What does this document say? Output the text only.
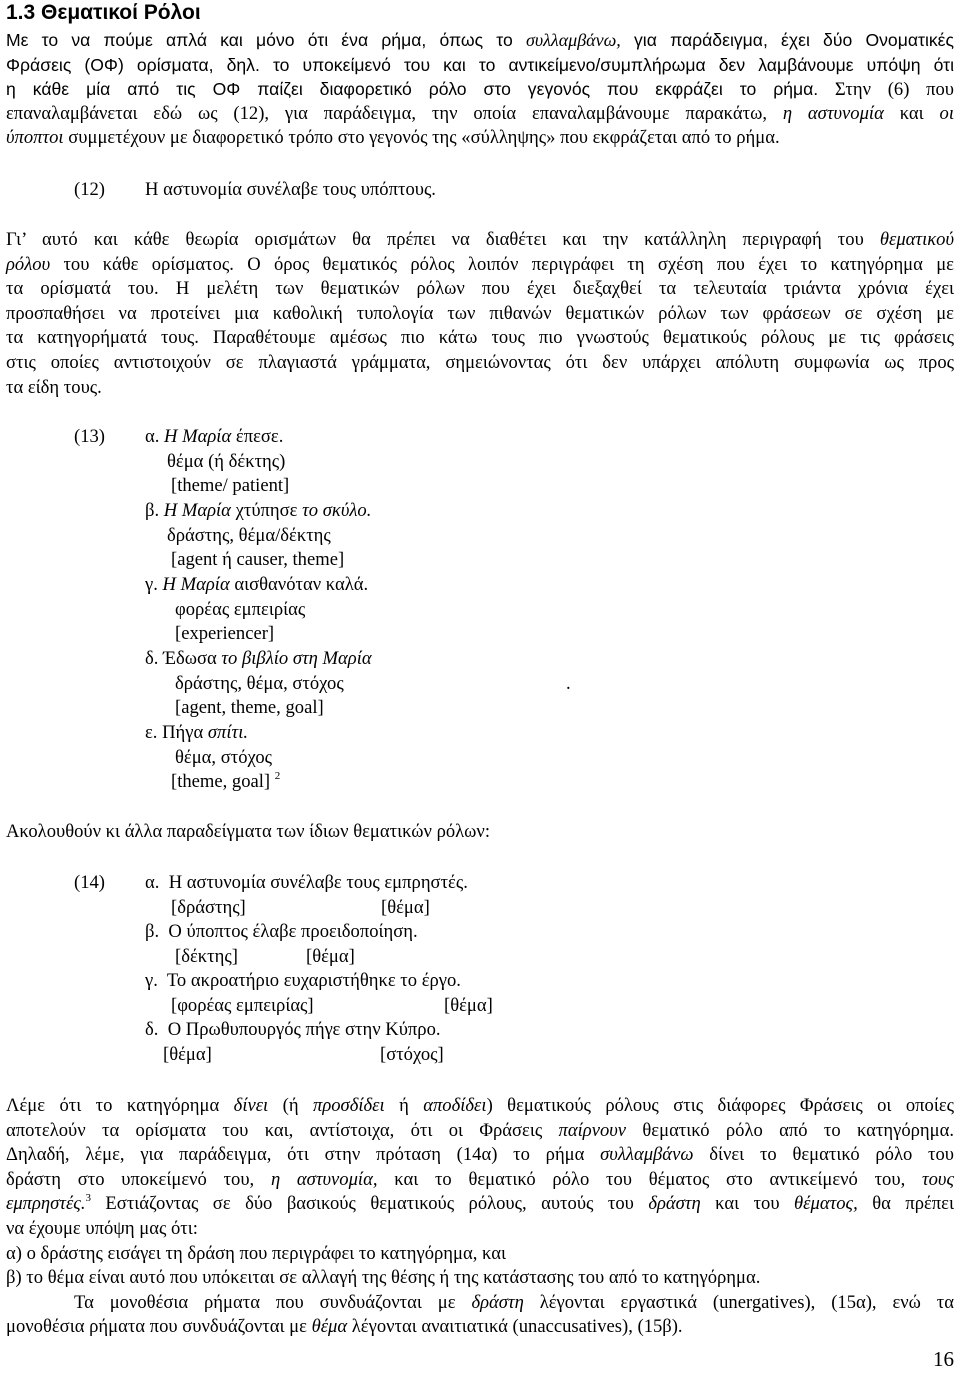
1.3 Θεματικοί Ρόλοι
Με το να πούμε απλά και μόνο ότι ένα ρήμα, όπως το συλλαμβάνω, για παράδειγμα, έχει δύο Ονοματικές
Φράσεις (ΟΦ) ορίσματα, δηλ. το υποκείμενό του και το αντικείμενο/συμπλήρωμα δεν λαμβάνουμε υπόψη ότι
η κάθε μία από τις ΟΦ παίζει διαφορετικό ρόλο στο γεγονός που εκφράζει το ρήμα. Στην (6) που
επαναλαμβάνεται εδώ ως (12), για παράδειγμα, την οποία επαναλαμβάνουμε παρακάτω, η αστυνομία και οι
ύποπτοι συμμετέχουν με διαφορετικό τρόπο στο γεγονός της «σύλληψης» που εκφράζεται από το ρήμα.
(12) Η αστυνομία συνέλαβε τους υπόπτους.
Γι’ αυτό και κάθε θεωρία ορισμάτων θα πρέπει να διαθέτει και την κατάλληλη περιγραφή του θεματικού
ρόλου του κάθε ορίσματος. Ο όρος θεματικός ρόλος λοιπόν περιγράφει τη σχέση που έχει το κατηγόρημα με
τα ορίσματά του. Η μελέτη των θεματικών ρόλων που έχει διεξαχθεί τα τελευταία τριάντα χρόνια έχει
προσπαθήσει να προτείνει μια καθολική τυπολογία των πιθανών θεματικών ρόλων των φράσεων σε σχέση με
τα κατηγορήματά τους. Παραθέτουμε αμέσως πιο κάτω τους πιο γνωστούς θεματικούς ρόλους με τις φράσεις
στις οποίες αντιστοιχούν σε πλαγιαστά γράμματα, σημειώνοντας ότι δεν υπάρχει απόλυτη συμφωνία ως προς
τα είδη τους.
(13) α. Η Μαρία έπεσε.
θέμα (ή δέκτης)
[theme/ patient]
β. Η Μαρία χτύπησε το σκύλο.
δράστης, θέμα/δέκτης
[agent ή causer, theme]
γ. Η Μαρία αισθανόταν καλά.
φορέας εμπειρίας
[experiencer]
δ. Έδωσα το βιβλίο στη Μαρία
δράστης, θέμα, στόχος	.
[agent, theme, goal]
ε. Πήγα σπίτι.
θέμα, στόχος
[theme, goal] $^2$
Ακολουθούν κι άλλα παραδείγματα των ίδιων θεματικών ρόλων:
(14) α. Η αστυνομία συνέλαβε τους εμπρηστές.
[δράστης]	[θέμα]
β. Ο ύποπτος έλαβε προειδοποίηση.
[δέκτης]	[θέμα]
γ. Το ακροατήριο ευχαριστήθηκε το έργο.
[φορέας εμπειρίας]	[θέμα]
δ. Ο Πρωθυπουργός πήγε στην Κύπρο.
[θέμα]	[στόχος]
Λέμε ότι το κατηγόρημα δίνει (ή προσδίδει ή αποδίδει) θεματικούς ρόλους στις διάφορες Φράσεις οι οποίες
αποτελούν τα ορίσματα του και, αντίστοιχα, ότι οι Φράσεις παίρνουν θεματικό ρόλο από το κατηγόρημα.
Δηλαδή, λέμε, για παράδειγμα, ότι στην πρόταση (14α) το ρήμα συλλαμβάνω δίνει το θεματικό ρόλο του
δράστη στο υποκείμενό του, η αστυνομία, και το θεματικό ρόλο του θέματος στο αντικείμενό του, τους
εμπρηστές.$^3$ Εστιάζοντας σε δύο βασικούς θεματικούς ρόλους, αυτούς του δράστη και του θέματος, θα πρέπει
να έχουμε υπόψη μας ότι:
α) ο δράστης εισάγει τη δράση που περιγράφει το κατηγόρημα, και
β) το θέμα είναι αυτό που υπόκειται σε αλλαγή της θέσης ή της κατάστασης του από το κατηγόρημα.
Τα μονοθέσια ρήματα που συνδυάζονται με δράστη λέγονται εργαστικά (unergatives), (15α), ενώ τα
μονοθέσια ρήματα που συνδυάζονται με θέμα λέγονται αναιτιατικά (unaccusatives), (15β).
16
